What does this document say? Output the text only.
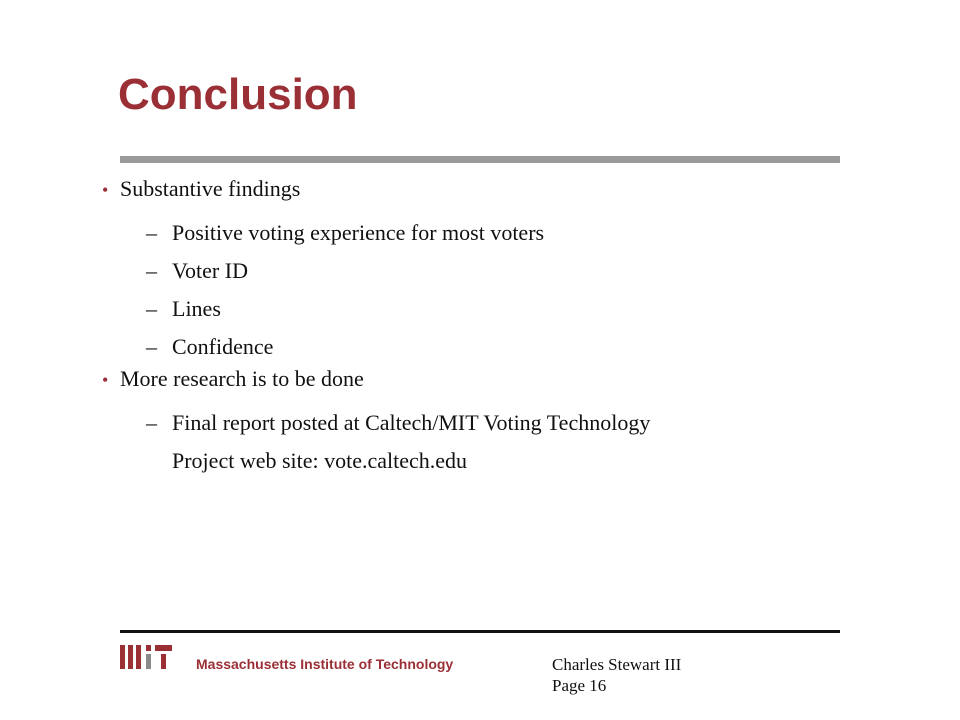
Conclusion
• Substantive findings
– Positive voting experience for most voters
– Voter ID
– Lines
– Confidence
• More research is to be done
– Final report posted at Caltech/MIT Voting Technology
Project web site: vote.caltech.edu
Massachusetts Institute of Technology	Charles Stewart III
Page 16
